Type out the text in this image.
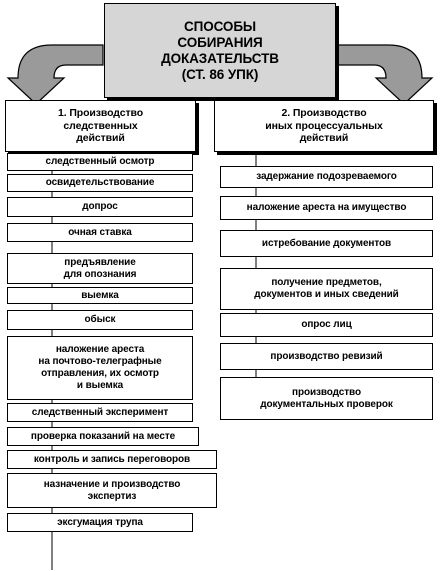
СПОСОБЫ
СОБИРАНИЯ
ДОКАЗАТЕЛЬСТВ
(СТ. 86 УПК)
1. Производство
следственных
действий
2. Производство
иных процессуальных
действий
следственный осмотр
освидетельствование
допрос
очная ставка
предъявление
для опознания
выемка
обыск
наложение ареста
на почтово-телеграфные
отправления, их осмотр
и выемка
следственный эксперимент
проверка показаний на месте
контроль и запись переговоров
назначение и производство
экспертиз
эксгумация трупа
задержание подозреваемого
наложение ареста на имущество
истребование документов
получение предметов,
документов и иных сведений
опрос лиц
производство ревизий
производство
документальных проверок
